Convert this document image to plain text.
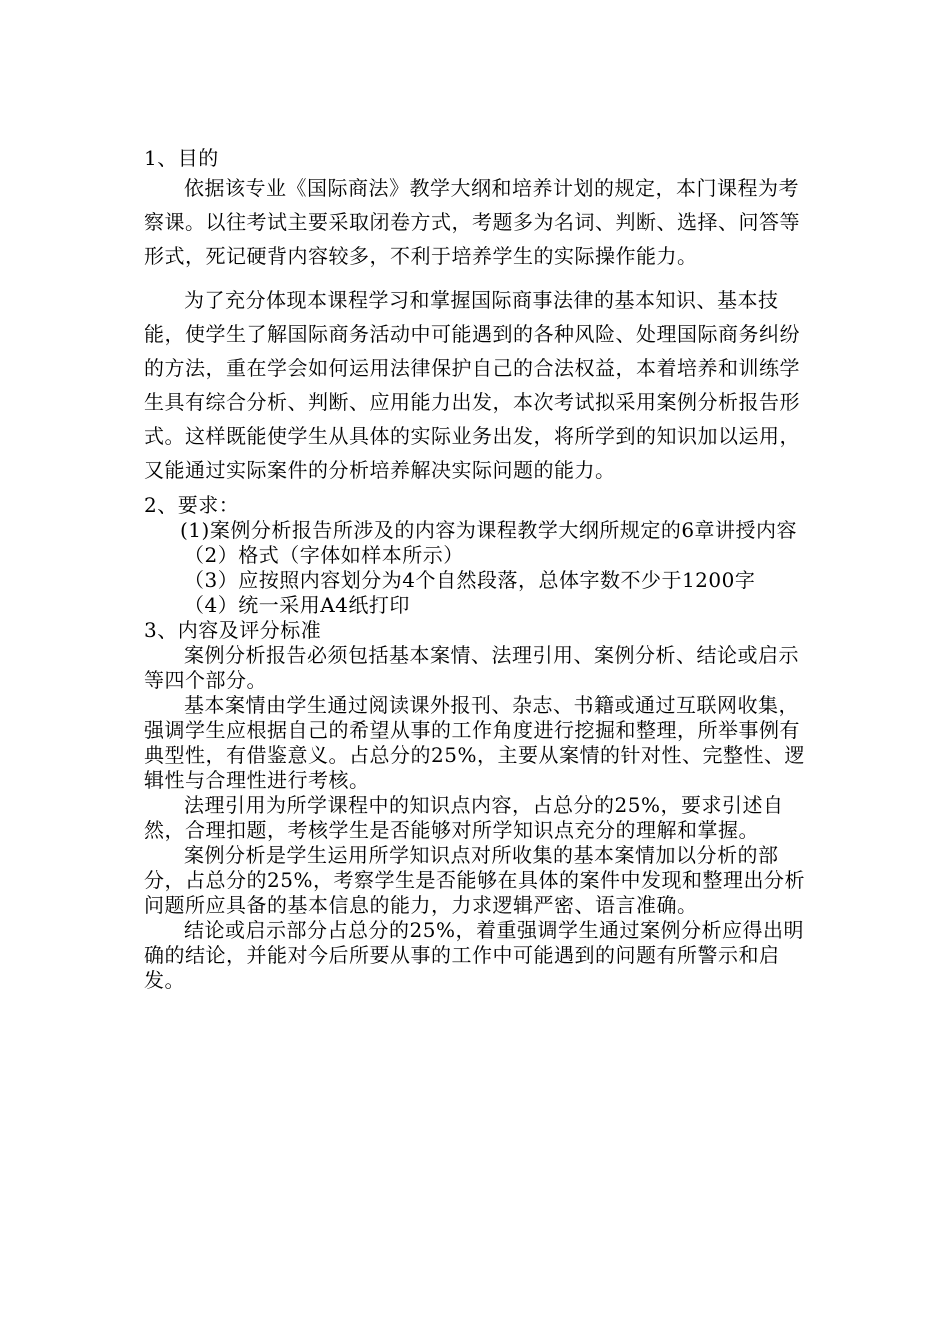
1、目的

依据该专业《国际商法》教学大纲和培养计划的规定，本门课程为考察课。以往考试主要采取闭卷方式，考题多为名词、判断、选择、问答等形式，死记硬背内容较多，不利于培养学生的实际操作能力。

为了充分体现本课程学习和掌握国际商事法律的基本知识、基本技能，使学生了解国际商务活动中可能遇到的各种风险、处理国际商务纠纷的方法，重在学会如何运用法律保护自己的合法权益，本着培养和训练学生具有综合分析、判断、应用能力出发，本次考试拟采用案例分析报告形式。这样既能使学生从具体的实际业务出发，将所学到的知识加以运用，又能通过实际案件的分析培养解决实际问题的能力。

2、要求：

(1)案例分析报告所涉及的内容为课程教学大纲所规定的6章讲授内容

（2）格式（字体如样本所示）

（3）应按照内容划分为4个自然段落，总体字数不少于1200字

（4）统一采用A4纸打印

3、内容及评分标准

案例分析报告必须包括基本案情、法理引用、案例分析、结论或启示等四个部分。

基本案情由学生通过阅读课外报刊、杂志、书籍或通过互联网收集，强调学生应根据自己的希望从事的工作角度进行挖掘和整理，所举事例有典型性，有借鉴意义。占总分的25%，主要从案情的针对性、完整性、逻辑性与合理性进行考核。

法理引用为所学课程中的知识点内容，占总分的25%，要求引述自然，合理扣题，考核学生是否能够对所学知识点充分的理解和掌握。

案例分析是学生运用所学知识点对所收集的基本案情加以分析的部分，占总分的25%，考察学生是否能够在具体的案件中发现和整理出分析问题所应具备的基本信息的能力，力求逻辑严密、语言准确。

结论或启示部分占总分的25%，着重强调学生通过案例分析应得出明确的结论，并能对今后所要从事的工作中可能遇到的问题有所警示和启发。
